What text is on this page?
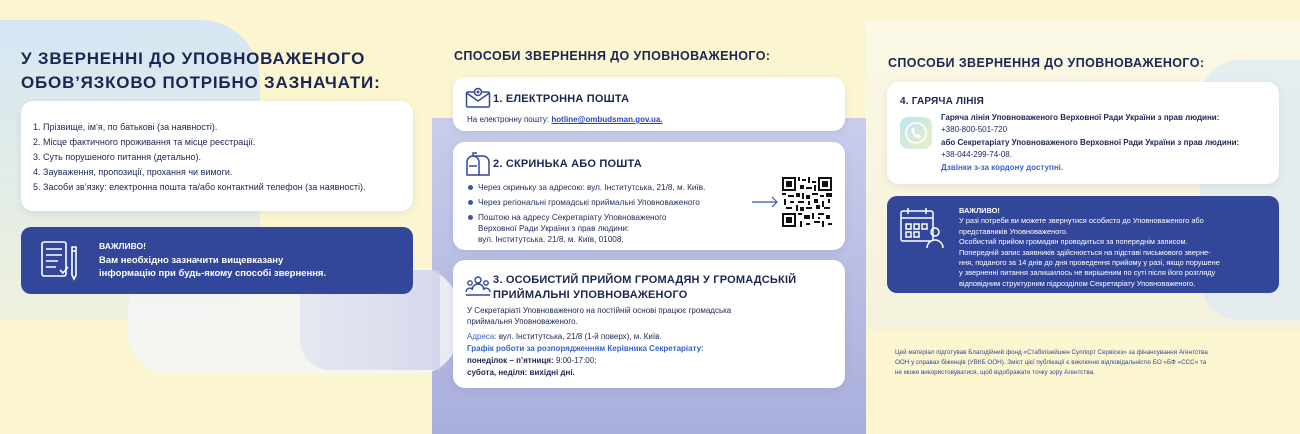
У ЗВЕРНЕННІ ДО УПОВНОВАЖЕНОГО
ОБОВ’ЯЗКОВО ПОТРІБНО ЗАЗНАЧАТИ:
1. Прізвище, ім’я, по батькові (за наявності).
2. Місце фактичного проживання та місце реєстрації.
3. Суть порушеного питання (детально).
4. Зауваження, пропозиції, прохання чи вимоги.
5. Засоби зв’язку: електронна пошта та/або контактний телефон (за наявності).
ВАЖЛИВО!
Вам необхідно зазначити вищевказану
інформацію при будь-якому способі звернення.
СПОСОБИ ЗВЕРНЕННЯ ДО УПОВНОВАЖЕНОГО:
1. ЕЛЕКТРОННА ПОШТА
На електронну пошту: hotline@ombudsman.gov.ua.
2. СКРИНЬКА АБО ПОШТА
Через скриньку за адресою: вул. Інститутська, 21/8, м. Київ.
Через регіональні громадські приймальні Уповноваженого
Поштою на адресу Секретаріату Уповноваженого
Верховної Ради України з прав людини:
вул. Інститутська, 21/8, м. Київ, 01008.
3. ОСОБИСТИЙ ПРИЙОМ ГРОМАДЯН У ГРОМАДСЬКІЙ
ПРИЙМАЛЬНІ УПОВНОВАЖЕНОГО
У Секретаріаті Уповноваженого на постійній основі працює громадська
приймальня Уповноваженого.
Адреса: вул. Інститутська, 21/8 (1-й поверх), м. Київ.
Графік роботи за розпорядженням Керівника Секретаріату:
понеділок – п’ятниця: 9:00-17:00;
субота, неділя: вихідні дні.
СПОСОБИ ЗВЕРНЕННЯ ДО УПОВНОВАЖЕНОГО:
4. ГАРЯЧА ЛІНІЯ
Гаряча лінія Уповноваженого Верховної Ради України з прав людини:
+380-800-501-720
або Секретаріату Уповноваженого Верховної Ради України з прав людини:
+38-044-299-74-08.
Дзвінки з-за кордону доступні.
ВАЖЛИВО!
У разі потреби ви можете звернутися особисто до Уповноваженого або
представників Уповноваженого.
Особистий прийом громадян проводиться за попереднім записом.
Попередній запис заявників здійснюється на підставі письмового зверне-
ння, поданого за 14 днів до дня проведення прийому у разі, якщо порушене
у зверненні питання залишилось не вирішеним по суті після його розгляду
відповідним структурним підрозділом Секретаріату Уповноваженого.
Цей матеріал підготував Благодійний фонд «Стабілізейшен Суппорт Сервісез» за фінансування Агентства
ООН у справах біженців (УВКБ ООН). Зміст цієї публікації є виключно відповідальністю БО «БФ «ССС» та
не може використовуватися, щоб відображати точку зору Агентства.
